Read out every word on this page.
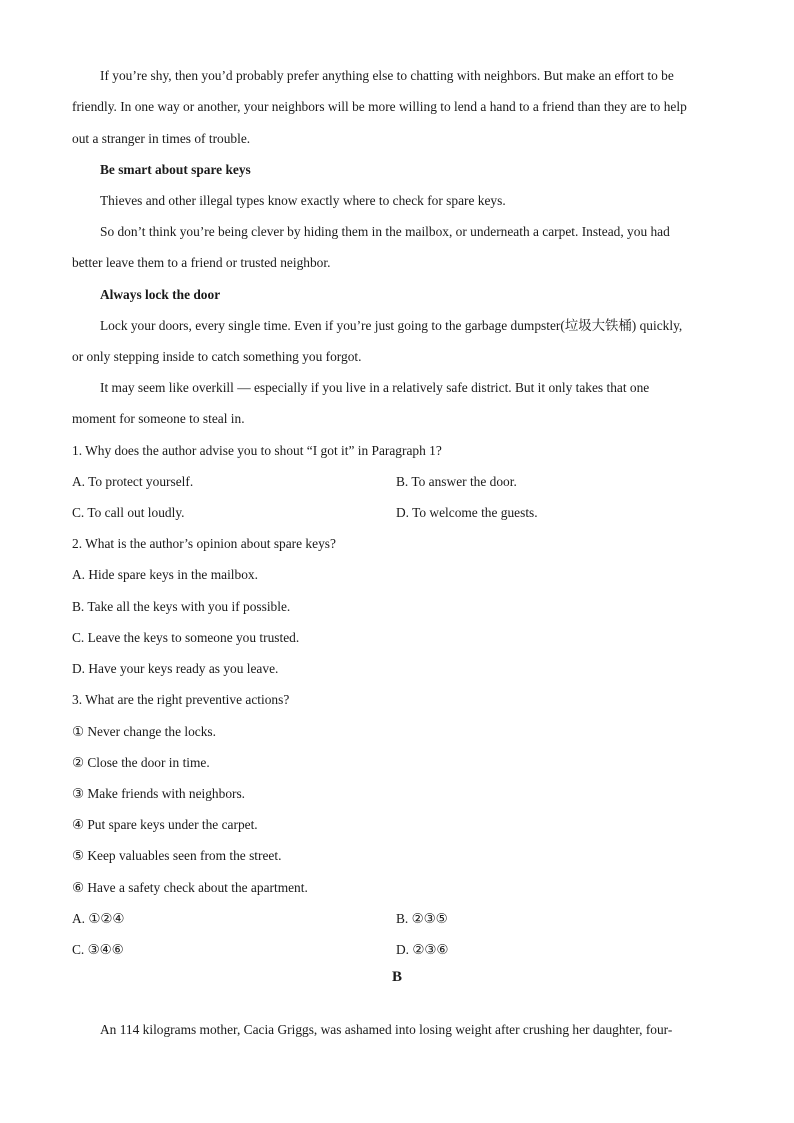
If you’re shy, then you’d probably prefer anything else to chatting with neighbors. But make an effort to be
friendly. In one way or another, your neighbors will be more willing to lend a hand to a friend than they are to help
out a stranger in times of trouble.
Be smart about spare keys
Thieves and other illegal types know exactly where to check for spare keys.
So don’t think you’re being clever by hiding them in the mailbox, or underneath a carpet. Instead, you had
better leave them to a friend or trusted neighbor.
Always lock the door
Lock your doors, every single time. Even if you’re just going to the garbage dumpster(垃圾大铁桶) quickly,
or only stepping inside to catch something you forgot.
It may seem like overkill — especially if you live in a relatively safe district. But it only takes that one
moment for someone to steal in.
1. Why does the author advise you to shout “I got it” in Paragraph 1?
A. To protect yourself.	B. To answer the door.
C. To call out loudly.	D. To welcome the guests.
2. What is the author’s opinion about spare keys?
A. Hide spare keys in the mailbox.
B. Take all the keys with you if possible.
C. Leave the keys to someone you trusted.
D. Have your keys ready as you leave.
3. What are the right preventive actions?
① Never change the locks.
② Close the door in time.
③ Make friends with neighbors.
④ Put spare keys under the carpet.
⑤ Keep valuables seen from the street.
⑥ Have a safety check about the apartment.
A. ①②④	B. ②③⑤
C. ③④⑥	D. ②③⑥
B
An 114 kilograms mother, Cacia Griggs, was ashamed into losing weight after crushing her daughter, four-
